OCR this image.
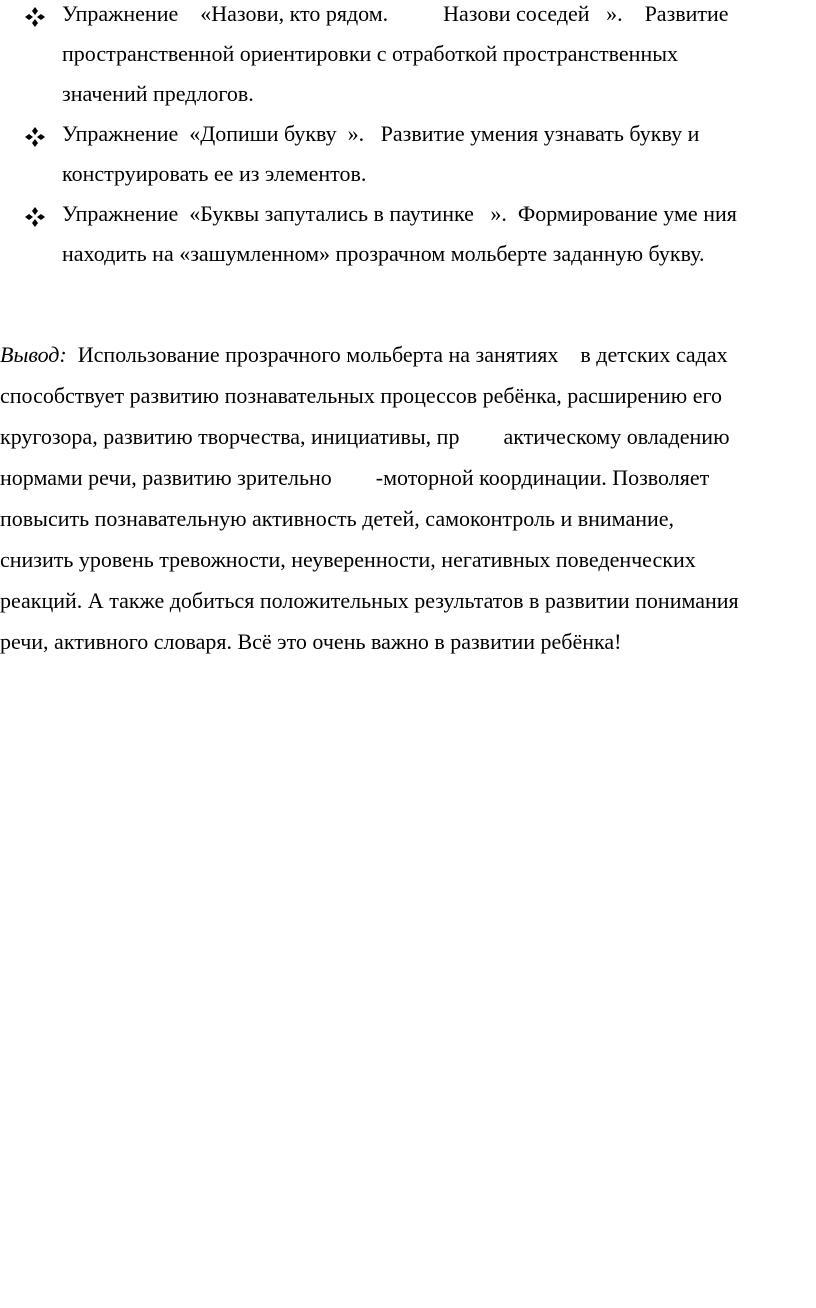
Упражнение    «Назови, кто рядом.          Назови соседей   ».    Развитие
пространственной ориентировки с отработкой пространственных
значений предлогов.
Упражнение  «Допиши букву  ».   Развитие умения узнавать букву и
конструировать ее из элементов.
Упражнение  «Буквы запутались в паутинке   ».  Формирование уме ния
находить на «зашумленном» прозрачном мольберте заданную букву.
Вывод:  Использование прозрачного мольберта на занятиях    в детских садах
способствует развитию познавательных процессов ребёнка, расширению его
кругозора, развитию творчества, инициативы, пр        актическому овладению
нормами речи, развитию зрительно        -моторной координации. Позволяет
повысить познавательную активность детей, самоконтроль и внимание,
снизить уровень тревожности, неуверенности, негативных поведенческих
реакций. А также добиться положительных результатов в развитии понимания
речи, активного словаря. Всё это очень важно в развитии ребёнка!
